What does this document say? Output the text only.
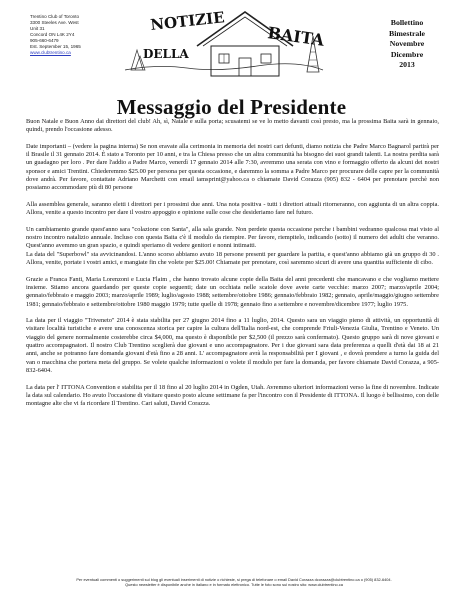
Trentino Club of Toronto
3300 Steeles Ave. West
Unit 31
Concord ON L4K 2Y4
905-660-6479
Est. September 15, 1965
www.clubtrentino.ca
NOTIZIE
DELLA
BAITA
Bollettino
Bimestrale
Novembre
Dicembre
2013
Messaggio del Presidente

Buon Natale e Buon Anno dai direttori del club! Ah, sì, Natale e sulla porta; scusatemi se ve lo metto davanti così presto, ma la prossima Baita sarà in gennaio, quindi, prendo l'occasione adesso.

Date importanti – (vedere la pagina interna) Se non eravate alla cerimonia in memoria dei nostri cari defunti, diamo notizia che Padre Marco Bagnarol partirà per il Brasile il 31 gennaio 2014. È stato a Toronto per 10 anni, e tra la Chiesa presso che un altra communità ha bisogno dei suoi grandi talenti. La nostra perdita sarà un guadagno per loro . Per dare l'addio a Padre Marco, venerdì 17 gennaio 2014 alle 7:30, avremmo una serata con vino e formaggio offerto da alcuni dei nostri sponsor e amici Trentini. Chiederemmo $25.00 per persona per questa occasione, e daremmo la somma a Padre Marco per procurare delle capre per la communità dove andrà. Per favore, contattate Adriano Marchetti con email iamsprint@yahoo.ca o chiamate David Corazza (905) 832 - 6404 per prenotare perchè non possiamo accommodare più di 80 persone

Alla assemblea generale, saranno eletti i direttori per i prossimi due anni. Una nota positiva - tutti i direttori attuali ritorneranno, con aggiunta di un altra coppia. Allora, venite a questo incontro per dare il vostro appoggio e opinione sulle cose che desideriamo fare nel futuro.

Un cambiamento grande quest'anno sara "colazione con Santa", alla sala grande. Non perdete questa occasione perche i bambini vedranno qualcosa mai visto al nostro incontro natalizio annuale. Incluso con questa Baita c'è il modulo da riempire. Per favore, riempitelo, indicando (sotto) il numero dei adulti che veranno. Quest'anno avemmo un gran spazio, e quindi speriamo di vedere genitori e nonni intimatti.
La data del "Superbowl" sta avvicinandosi. L'anno scorso abbiamo avuto 18 persone presenti per guardare la partita, e quest'anno abbiamo già un gruppo di 30 . Allora, venite, portate i vostri amici, e mangiate fin che volete per $25.00! Chiamate per prenotare, così saremmo sicuri di avere una quantita sufficiente di cibo.

Grazie a Franca Fanti, Maria Lorenzoni e Lucia Flaim , che hanno trovato alcune copie della Baita del anni precedenti che mancavano e che vogliamo mettere insieme. Stiamo ancora guardando per queste copie seguenti; date un occhiata nelle scatole dove avete carte vecchie: marzo 2007; marzo/aprile 2004; gennaio/febbraio e maggio 2003; marzo/aprile 1989; luglio/agosto 1988; settembre/ottobre 1986; gennaio/febbraio 1982; gennaio, aprile/maggio/giugno settembre 1981; gennaio/febbraio e settembre/ottobre 1980 maggio 1979; tutte quelle di 1978; gennaio fino a settembre e novembre/dicembre 1977; luglio 1975.

La data per il viaggio "Triveneto" 2014 è stata stabilita per 27 giugno 2014 fino a 11 luglio, 2014. Questo sara un viaggio pieno di attività, un opportunità di visitare località turistiche e avere una conoscenza storica per capire la cultura dell'Italia nord-est, che comprende Friuli-Venezia Giulia, Trentino e Veneto. Un viaggio del genere normalmente costerebbe circa $4,000, ma questo è disponibile per $2,500 (il prezzo sarà confermato). Questo gruppo sarà di nove giovani e quattro accompagnatori. Il nostro Club Trentino sceglierà due giovani e uno accompagnatore. Per i due giovani sara data preferenza a quelli d'età dai 18 ai 21 anni, anche se potranno fare domanda giovani d'età fino a 28 anni. L' accompagnatore avrà la responsabilità per I giovani , e dovrà prendere a turno la guida del van o macchina che portera meta del gruppo. Se volete qualche informazioni o volete il modulo per fare la domanda, per favore chiamate David Corazza, a 905-832-6404.

La data per l' ITTONA Convention e stabilita per il 18 fino al 20 luglio 2014 in Ogden, Utah. Avremmo ulteriori informazioni verso la fine di novembre. Indicate la data sul calendario. Ho avuto l'occasione di visitare questo posto alcune settimane fa per l'incontro con il Presidente di ITTONA. Il luogo è bellissimo, con delle montagne alte che vi fa ricordare Il Trentino. Cari saluti, David Corazza.

Per eventuali commenti o suggerimenti sul blog gli eventuali inserimenti di notizie o richieste, si prega di telefonare o email David Corazza dcorazza@clubtrentino.ca o (905) 832-6404.
Questo newsletter è disponibile anche in italiano e in formato elettronico. Tutte le foto sono sul nostro sito: www.clubtrentino.ca
